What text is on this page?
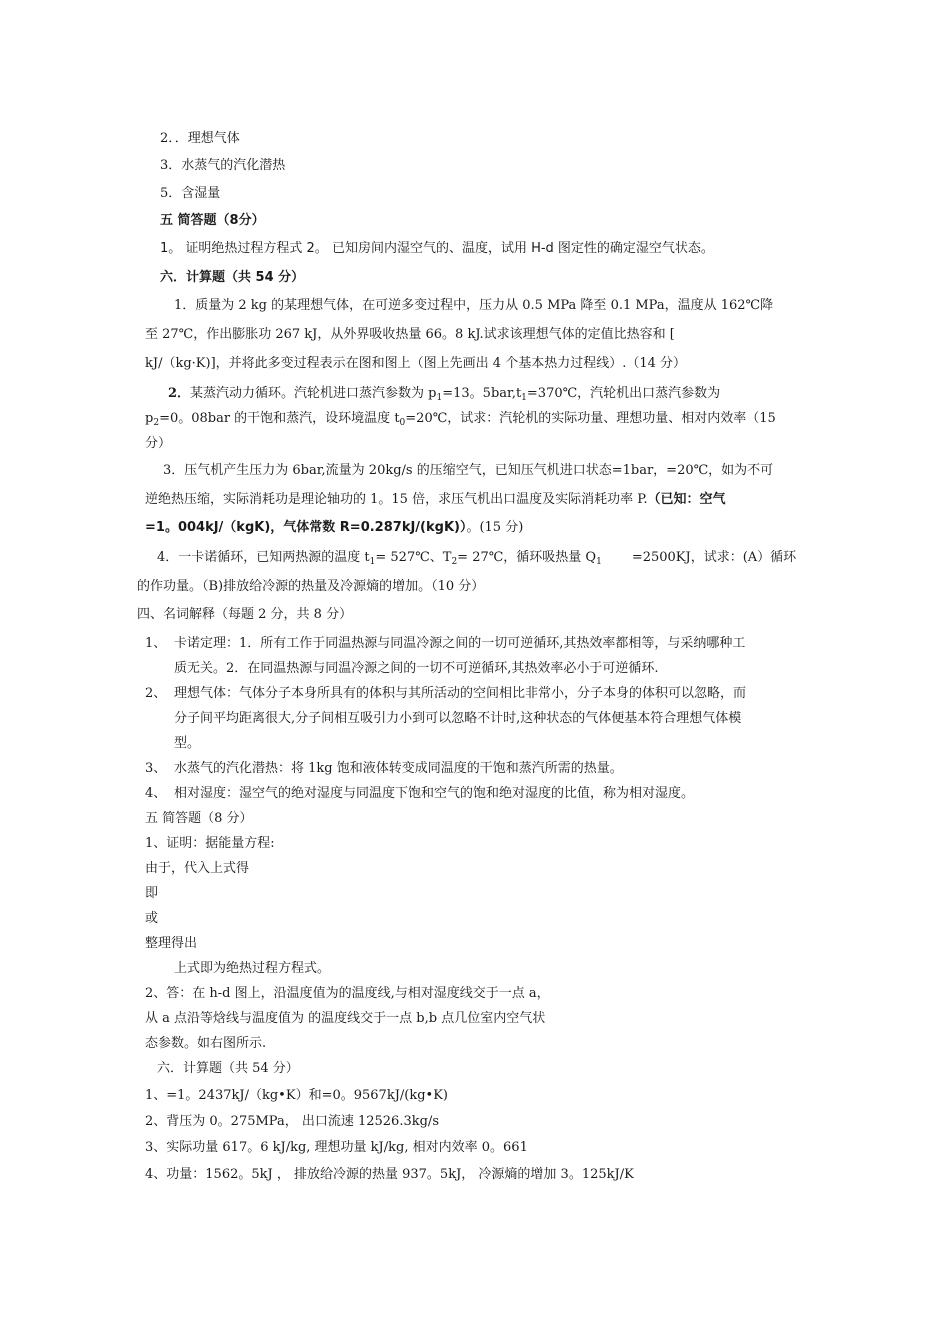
2．．理想气体
3．水蒸气的汽化潜热
5．含湿量
五 简答题（8分）
1。 证明绝热过程方程式 2。 已知房间内湿空气的、温度，试用 H-d 图定性的确定湿空气状态。
六．计算题（共 54 分）
1．质量为 2 kg 的某理想气体，在可逆多变过程中，压力从 0.5 MPa 降至 0.1 MPa，温度从 162℃降
至 27℃，作出膨胀功 267 kJ，从外界吸收热量 66。8 kJ.试求该理想气体的定值比热容和 [
kJ/（kg·K)]，并将此多变过程表示在图和图上（图上先画出 4 个基本热力过程线）.（14 分）
2．某蒸汽动力循环。汽轮机进口蒸汽参数为 $p_1=13$。$5bar,t_1=370℃$，汽轮机出口蒸汽参数为
$p_2=0$。08bar 的干饱和蒸汽，设环境温度 $t_0=20℃$，试求：汽轮机的实际功量、理想功量、相对内效率（15
分）
3．压气机产生压力为 6bar,流量为 20kg/s 的压缩空气，已知压气机进口状态=1bar，=20℃，如为不可
逆绝热压缩，实际消耗功是理论轴功的 1。15 倍，求压气机出口温度及实际消耗功率 P.（已知：空气
=1。004kJ/（kgK)，气体常数 R=0.287kJ/(kgK)）。(15 分)
4．一卡诺循环，已知两热源的温度 $t_1=$ 527℃、$T_2=$ 27℃，循环吸热量 $Q_1 =2500KJ$，试求：(A）循环
的作功量。（B)排放给冷源的热量及冷源熵的增加。（10 分）
四、名词解释（每题 2 分，共 8 分）
1、 卡诺定理：1．所有工作于同温热源与同温冷源之间的一切可逆循环,其热效率都相等，与采纳哪种工
质无关。2．在同温热源与同温冷源之间的一切不可逆循环,其热效率必小于可逆循环.
2、 理想气体：气体分子本身所具有的体积与其所活动的空间相比非常小，分子本身的体积可以忽略，而
分子间平均距离很大,分子间相互吸引力小到可以忽略不计时,这种状态的气体便基本符合理想气体模
型。
3、 水蒸气的汽化潜热：将 1kg 饱和液体转变成同温度的干饱和蒸汽所需的热量。
4、 相对湿度：湿空气的绝对湿度与同温度下饱和空气的饱和绝对湿度的比值，称为相对湿度。
五 简答题（8 分）
1、证明：据能量方程:
由于，代入上式得
即
或
整理得出
上式即为绝热过程方程式。
2、答：在 h-d 图上，沿温度值为的温度线,与相对湿度线交于一点 a，
从 a 点沿等焓线与温度值为 的温度线交于一点 b,b 点几位室内空气状
态参数。如右图所示.
六．计算题（共 54 分）
1、=1。2437kJ/（kg•K）和=0。9567kJ/(kg•K)
2、背压为 0。275MPa， 出口流速 12526.3kg/s
3、实际功量 617。6 kJ/kg, 理想功量 kJ/kg, 相对内效率 0。661
4、功量：1562。5kJ ， 排放给冷源的热量 937。5kJ， 冷源熵的增加 3。125kJ/K
